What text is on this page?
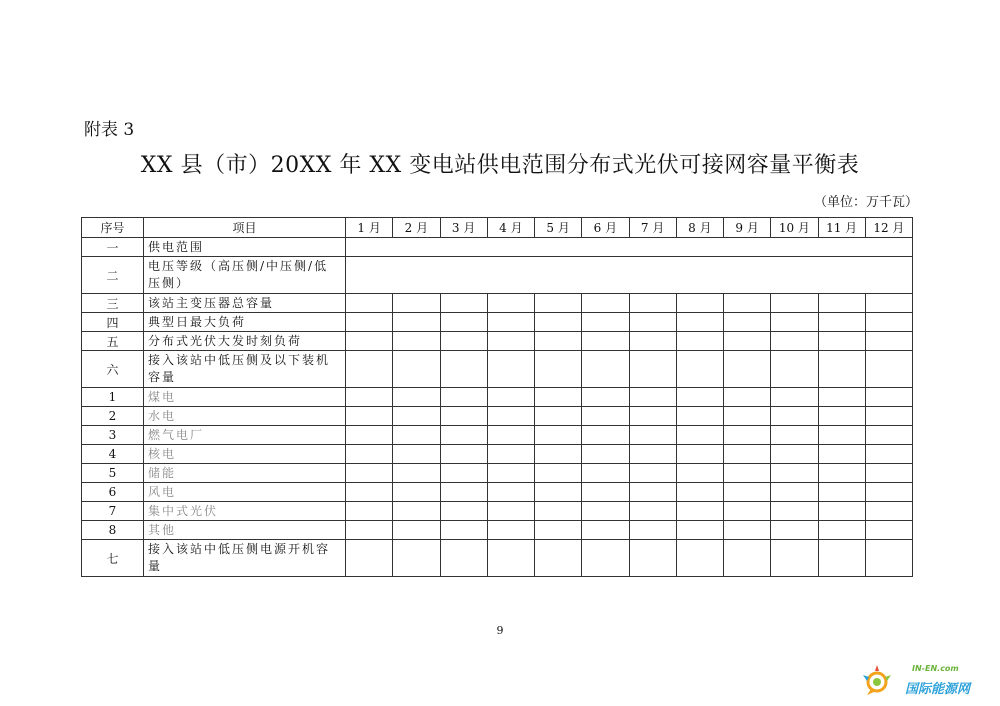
附表 3
XX 县（市）20XX 年 XX 变电站供电范围分布式光伏可接网容量平衡表
（单位：万千瓦）
序号	项目	1 月	2 月	3 月	4 月	5 月	6 月	7 月	8 月	9 月	10 月	11 月	12 月
一	供电范围												
二	电压等级（高压侧/中压侧/低压侧）												
三	该站主变压器总容量												
四	典型日最大负荷												
五	分布式光伏大发时刻负荷												
六	接入该站中低压侧及以下装机容量												
1	煤电												
2	水电												
3	燃气电厂												
4	核电												
5	储能												
6	风电												
7	集中式光伏												
8	其他												
七	接入该站中低压侧电源开机容量												
9
IN-EN.com
国际能源网
